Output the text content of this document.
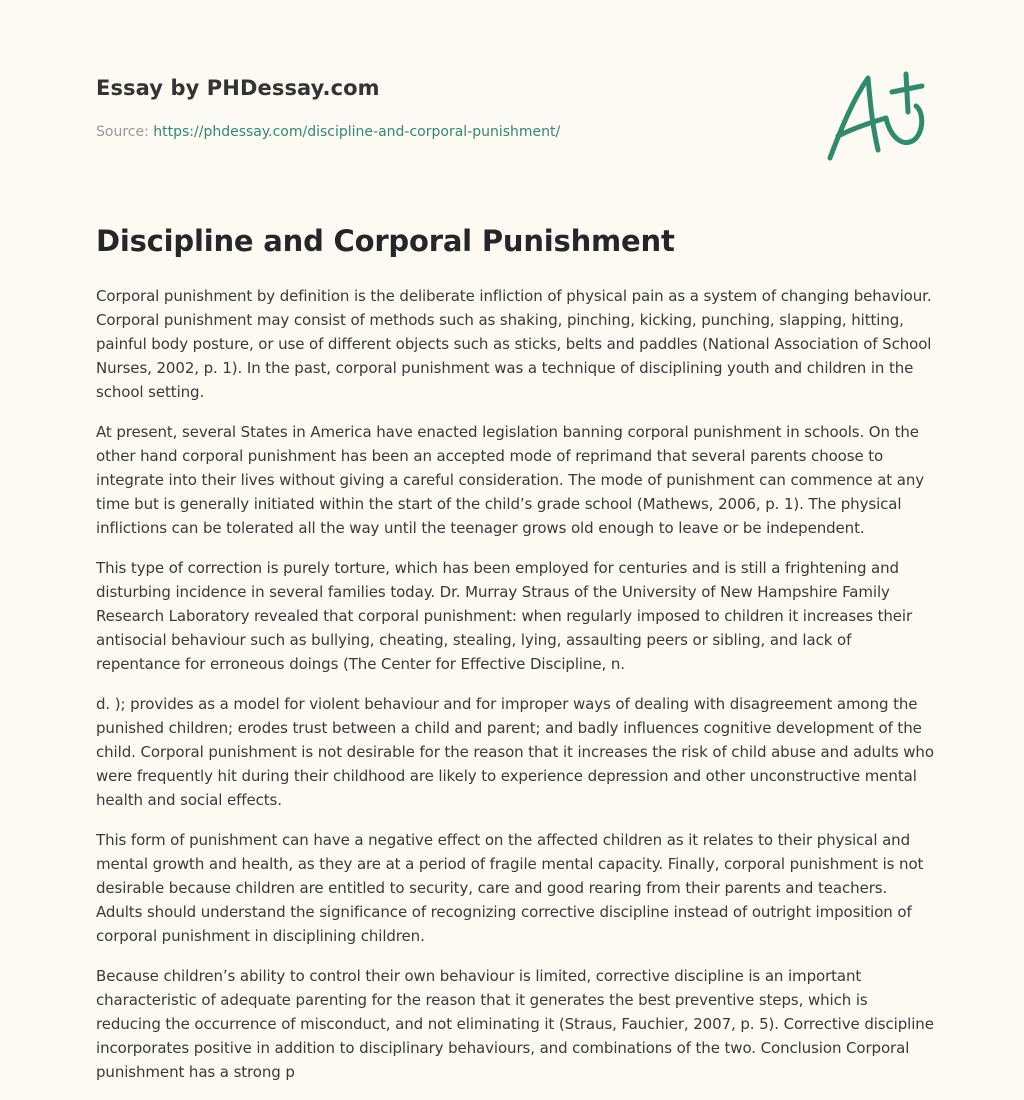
Essay by PHDessay.com
Source: https://phdessay.com/discipline-and-corporal-punishment/
Discipline and Corporal Punishment

Corporal punishment by definition is the deliberate infliction of physical pain as a system of changing behaviour. Corporal punishment may consist of methods such as shaking, pinching, kicking, punching, slapping, hitting, painful body posture, or use of different objects such as sticks, belts and paddles (National Association of School Nurses, 2002, p. 1). In the past, corporal punishment was a technique of disciplining youth and children in the school setting.

At present, several States in America have enacted legislation banning corporal punishment in schools. On the other hand corporal punishment has been an accepted mode of reprimand that several parents choose to integrate into their lives without giving a careful consideration. The mode of punishment can commence at any time but is generally initiated within the start of the child’s grade school (Mathews, 2006, p. 1). The physical inflictions can be tolerated all the way until the teenager grows old enough to leave or be independent.

This type of correction is purely torture, which has been employed for centuries and is still a frightening and disturbing incidence in several families today. Dr. Murray Straus of the University of New Hampshire Family Research Laboratory revealed that corporal punishment: when regularly imposed to children it increases their antisocial behaviour such as bullying, cheating, stealing, lying, assaulting peers or sibling, and lack of repentance for erroneous doings (The Center for Effective Discipline, n.

d. ); provides as a model for violent behaviour and for improper ways of dealing with disagreement among the punished children; erodes trust between a child and parent; and badly influences cognitive development of the child. Corporal punishment is not desirable for the reason that it increases the risk of child abuse and adults who were frequently hit during their childhood are likely to experience depression and other unconstructive mental health and social effects.

This form of punishment can have a negative effect on the affected children as it relates to their physical and mental growth and health, as they are at a period of fragile mental capacity. Finally, corporal punishment is not desirable because children are entitled to security, care and good rearing from their parents and teachers. Adults should understand the significance of recognizing corrective discipline instead of outright imposition of corporal punishment in disciplining children.

Because children’s ability to control their own behaviour is limited, corrective discipline is an important characteristic of adequate parenting for the reason that it generates the best preventive steps, which is reducing the occurrence of misconduct, and not eliminating it (Straus, Fauchier, 2007, p. 5). Corrective discipline incorporates positive in addition to disciplinary behaviours, and combinations of the two. Conclusion Corporal punishment has a strong p
